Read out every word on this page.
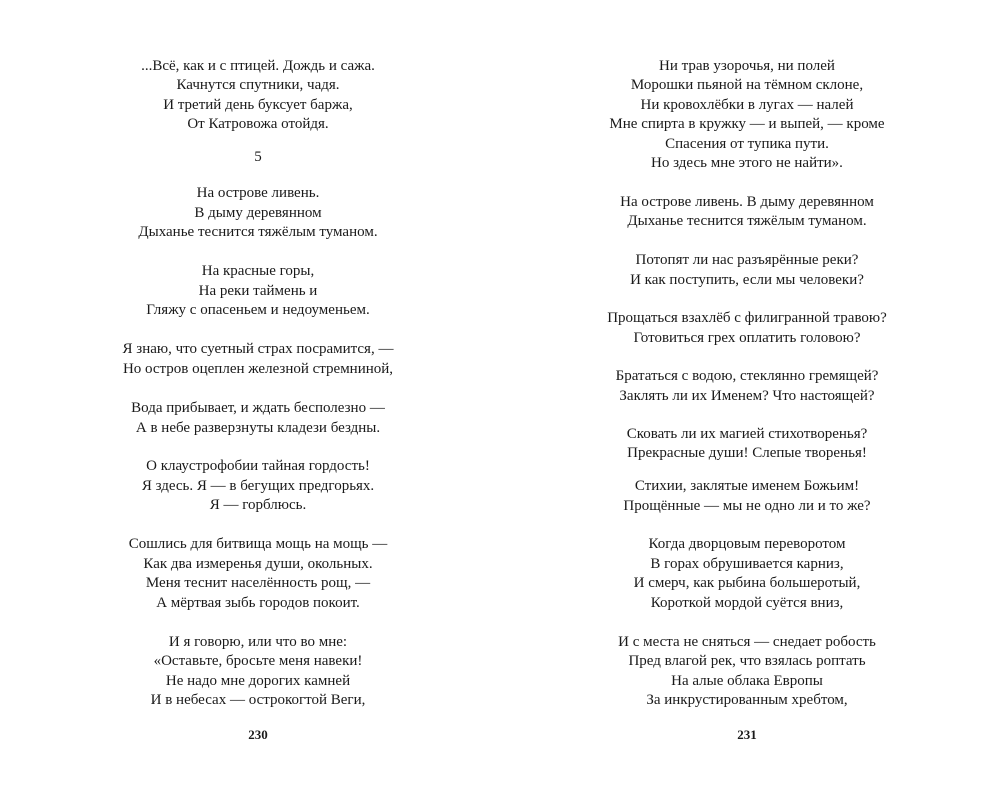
...Всё, как и с птицей. Дождь и сажа.
Качнутся спутники, чадя.
И третий день буксует баржа,
От Катровожа отойдя.
5
На острове ливень.
В дыму деревянном
Дыханье теснится тяжёлым туманом.
На красные горы,
На реки таймень и
Гляжу с опасеньем и недоуменьем.
Я знаю, что суетный страх посрамится, —
Но остров оцеплен железной стремниной,
Вода прибывает, и ждать бесполезно —
А в небе разверзнуты кладези бездны.
О клаустрофобии тайная гордость!
Я здесь. Я — в бегущих предгорьях.
Я — горблюсь.
Сошлись для битвища мощь на мощь —
Как два измеренья души, окольных.
Меня теснит населённость рощ, —
А мёртвая зыбь городов покоит.
И я говорю, или что во мне:
«Оставьте, бросьте меня навеки!
Не надо мне дорогих камней
И в небесах — острокогтой Веги,
230
Ни трав узорочья, ни полей
Морошки пьяной на тёмном склоне,
Ни кровохлёбки в лугах — налей
Мне спирта в кружку — и выпей, — кроме
Спасения от тупика пути.
Но здесь мне этого не найти».
На острове ливень. В дыму деревянном
Дыханье теснится тяжёлым туманом.
Потопят ли нас разъярённые реки?
И как поступить, если мы человеки?
Прощаться взахлёб с филигранной травою?
Готовиться грех оплатить головою?
Брататься с водою, стеклянно гремящей?
Заклять ли их Именем? Что настоящей?
Сковать ли их магией стихотворенья?
Прекрасные души! Слепые творенья!
Стихии, заклятые именем Божьим!
Прощённые — мы не одно ли и то же?
Когда дворцовым переворотом
В горах обрушивается карниз,
И смерч, как рыбина большеротый,
Короткой мордой суётся вниз,
И с места не сняться — снедает робость
Пред влагой рек, что взялась роптать
На алые облака Европы
За инкрустированным хребтом,
231
